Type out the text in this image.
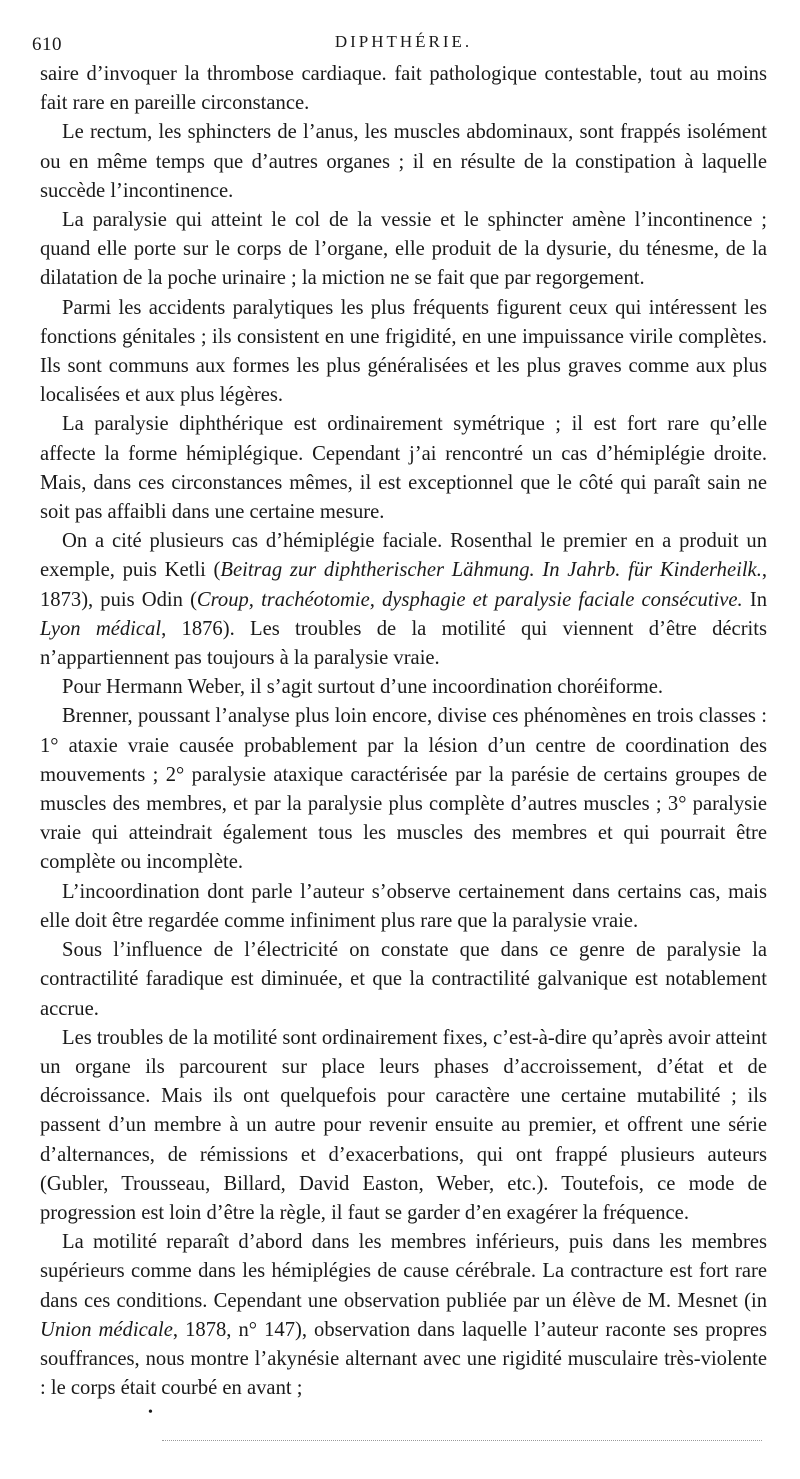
610	DIPHTHÉRIE.

saire d’invoquer la thrombose cardiaque. fait pathologique contestable, tout au moins fait rare en pareille circonstance.

Le rectum, les sphincters de l’anus, les muscles abdominaux, sont frappés isolément ou en même temps que d’autres organes ; il en résulte de la constipation à laquelle succède l’incontinence.

La paralysie qui atteint le col de la vessie et le sphincter amène l’incontinence ; quand elle porte sur le corps de l’organe, elle produit de la dysurie, du ténesme, de la dilatation de la poche urinaire ; la miction ne se fait que par regorgement.

Parmi les accidents paralytiques les plus fréquents figurent ceux qui intéressent les fonctions génitales ; ils consistent en une frigidité, en une impuissance virile complètes. Ils sont communs aux formes les plus généralisées et les plus graves comme aux plus localisées et aux plus légères.

La paralysie diphthérique est ordinairement symétrique ; il est fort rare qu’elle affecte la forme hémiplégique. Cependant j’ai rencontré un cas d’hémiplégie droite. Mais, dans ces circonstances mêmes, il est exceptionnel que le côté qui paraît sain ne soit pas affaibli dans une certaine mesure.

On a cité plusieurs cas d’hémiplégie faciale. Rosenthal le premier en a produit un exemple, puis Ketli (Beitrag zur diphtherischer Lähmung. In Jahrb. für Kinderheilk., 1873), puis Odin (Croup, trachéotomie, dysphagie et paralysie faciale consécutive. In Lyon médical, 1876). Les troubles de la motilité qui viennent d’être décrits n’appartiennent pas toujours à la paralysie vraie.

Pour Hermann Weber, il s’agit surtout d’une incoordination choréiforme.

Brenner, poussant l’analyse plus loin encore, divise ces phénomènes en trois classes : 1° ataxie vraie causée probablement par la lésion d’un centre de coordination des mouvements ; 2° paralysie ataxique caractérisée par la parésie de certains groupes de muscles des membres, et par la paralysie plus complète d’autres muscles ; 3° paralysie vraie qui atteindrait également tous les muscles des membres et qui pourrait être complète ou incomplète.

L’incoordination dont parle l’auteur s’observe certainement dans certains cas, mais elle doit être regardée comme infiniment plus rare que la paralysie vraie.

Sous l’influence de l’électricité on constate que dans ce genre de paralysie la contractilité faradique est diminuée, et que la contractilité galvanique est notablement accrue.

Les troubles de la motilité sont ordinairement fixes, c’est-à-dire qu’après avoir atteint un organe ils parcourent sur place leurs phases d’accroissement, d’état et de décroissance. Mais ils ont quelquefois pour caractère une certaine mutabilité ; ils passent d’un membre à un autre pour revenir ensuite au premier, et offrent une série d’alternances, de rémissions et d’exacerbations, qui ont frappé plusieurs auteurs (Gubler, Trousseau, Billard, David Easton, Weber, etc.). Toutefois, ce mode de progression est loin d’être la règle, il faut se garder d’en exagérer la fréquence.

La motilité reparaît d’abord dans les membres inférieurs, puis dans les membres supérieurs comme dans les hémiplégies de cause cérébrale. La contracture est fort rare dans ces conditions. Cependant une observation publiée par un élève de M. Mesnet (in Union médicale, 1878, n° 147), observation dans laquelle l’auteur raconte ses propres souffrances, nous montre l’akynésie alternant avec une rigidité musculaire très-violente : le corps était courbé en avant ;

•
